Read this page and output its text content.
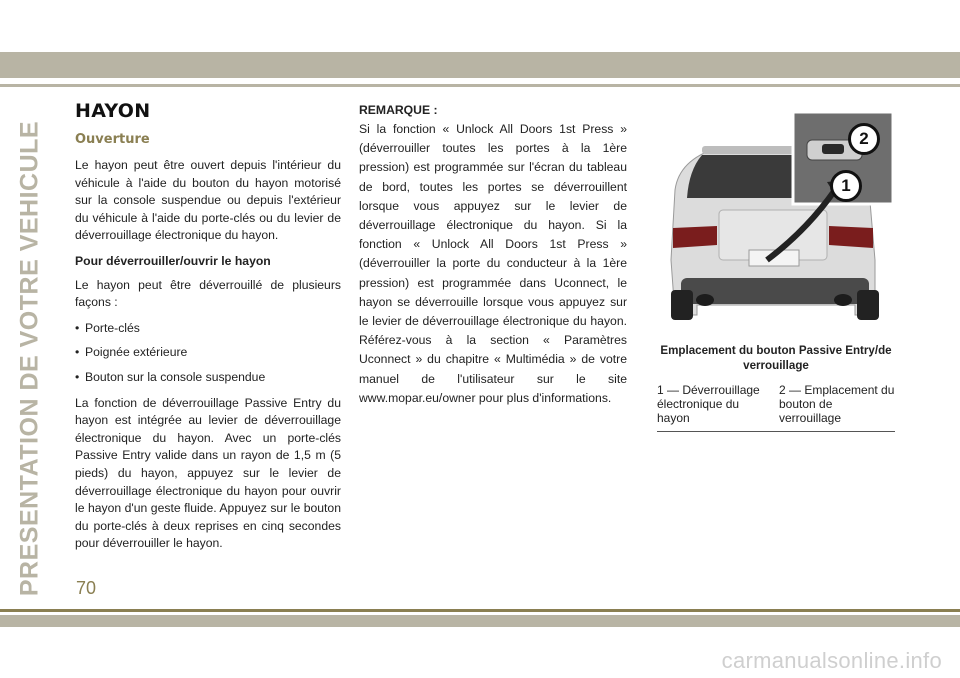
PRESENTATION DE VOTRE VEHICULE
HAYON
Ouverture

Le hayon peut être ouvert depuis l'intérieur du véhicule à l'aide du bouton du hayon motorisé sur la console suspendue ou depuis l'extérieur du véhicule à l'aide du porte-clés ou du levier de déverrouillage électronique du hayon.

Pour déverrouiller/ouvrir le hayon

Le hayon peut être déverrouillé de plusieurs façons :

• Porte-clés
• Poignée extérieure
• Bouton sur la console suspendue

La fonction de déverrouillage Passive Entry du hayon est intégrée au levier de déverrouillage électronique du hayon. Avec un porte-clés Passive Entry valide dans un rayon de 1,5 m (5 pieds) du hayon, appuyez sur le levier de déverrouillage électronique du hayon pour ouvrir le hayon d'un geste fluide. Appuyez sur le bouton du porte-clés à deux reprises en cinq secondes pour déverrouiller le hayon.

REMARQUE :

Si la fonction « Unlock All Doors 1st Press » (déverrouiller toutes les portes à la 1ère pression) est programmée sur l'écran du tableau de bord, toutes les portes se déverrouillent lorsque vous appuyez sur le levier de déverrouillage électronique du hayon. Si la fonction « Unlock All Doors 1st Press » (déverrouiller la porte du conducteur à la 1ère pression) est programmée dans Uconnect, le hayon se déverrouille lorsque vous appuyez sur le levier de déverrouillage électronique du hayon. Référez-vous à la section « Paramètres Uconnect » du chapitre « Multimédia » de votre manuel de l'utilisateur sur le site www.mopar.eu/owner pour plus d'informations.

2
1
Emplacement du bouton Passive Entry/de verrouillage
1 — Déverrouillage électronique du hayon
2 — Emplacement du bouton de verrouillage
70
carmanualsonline.info
